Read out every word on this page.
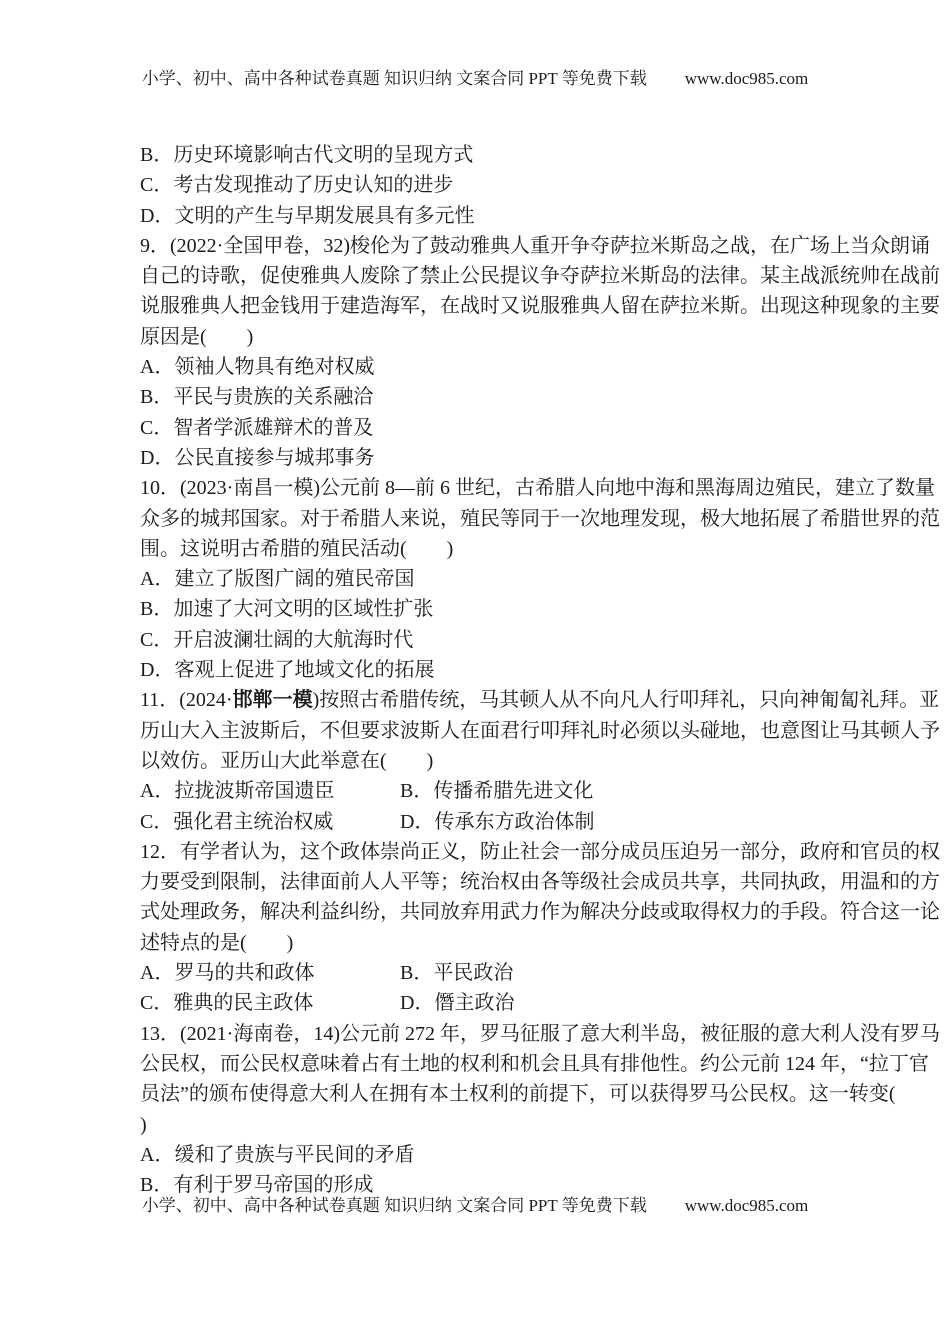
小学、初中、高中各种试卷真题 知识归纳 文案合同 PPT 等免费下载 www.doc985.com
B．历史环境影响古代文明的呈现方式
C．考古发现推动了历史认知的进步
D．文明的产生与早期发展具有多元性
9．(2022·全国甲卷，32)梭伦为了鼓动雅典人重开争夺萨拉米斯岛之战，在广场上当众朗诵
自己的诗歌，促使雅典人废除了禁止公民提议争夺萨拉米斯岛的法律。某主战派统帅在战前
说服雅典人把金钱用于建造海军，在战时又说服雅典人留在萨拉米斯。出现这种现象的主要
原因是(　　)
A．领袖人物具有绝对权威
B．平民与贵族的关系融洽
C．智者学派雄辩术的普及
D．公民直接参与城邦事务
10．(2023·南昌一模)公元前 8—前 6 世纪，古希腊人向地中海和黑海周边殖民，建立了数量
众多的城邦国家。对于希腊人来说，殖民等同于一次地理发现，极大地拓展了希腊世界的范
围。这说明古希腊的殖民活动(　　)
A．建立了版图广阔的殖民帝国
B．加速了大河文明的区域性扩张
C．开启波澜壮阔的大航海时代
D．客观上促进了地域文化的拓展
11．(2024·邯郸一模)按照古希腊传统，马其顿人从不向凡人行叩拜礼，只向神匍匐礼拜。亚
历山大入主波斯后，不但要求波斯人在面君行叩拜礼时必须以头碰地，也意图让马其顿人予
以效仿。亚历山大此举意在(　　)
A．拉拢波斯帝国遗臣	B．传播希腊先进文化
C．强化君主统治权威	D．传承东方政治体制
12．有学者认为，这个政体崇尚正义，防止社会一部分成员压迫另一部分，政府和官员的权
力要受到限制，法律面前人人平等；统治权由各等级社会成员共享，共同执政，用温和的方
式处理政务，解决利益纠纷，共同放弃用武力作为解决分歧或取得权力的手段。符合这一论
述特点的是(　　)
A．罗马的共和政体	B．平民政治
C．雅典的民主政体	D．僭主政治
13．(2021·海南卷，14)公元前 272 年，罗马征服了意大利半岛，被征服的意大利人没有罗马
公民权，而公民权意味着占有土地的权利和机会且具有排他性。约公元前 124 年，“拉丁官
员法”的颁布使得意大利人在拥有本土权利的前提下，可以获得罗马公民权。这一转变(
)
A．缓和了贵族与平民间的矛盾
B．有利于罗马帝国的形成
小学、初中、高中各种试卷真题 知识归纳 文案合同 PPT 等免费下载 www.doc985.com
